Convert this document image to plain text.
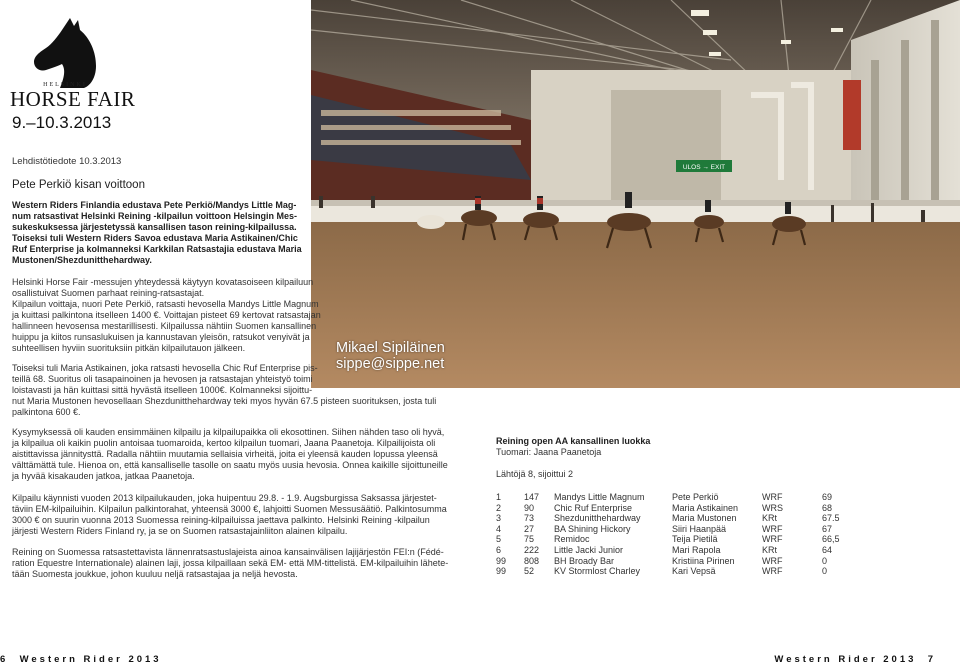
HELSINKI
HORSE FAIR
9.–10.3.2013
ULOS → EXIT
Mikael Sipiläinen
sippe@sippe.net
Lehdistötiedote 10.3.2013
Pete Perkiö kisan voittoon
Western Riders Finlandia edustava Pete Perkiö/Mandys Little Mag-
num ratsastivat Helsinki Reining -kilpailun voittoon Helsingin Mes-
sukeskuksessa järjestetyssä kansallisen tason reining-kilpailussa.
Toiseksi tuli Western Riders Savoa edustava Maria Astikainen/Chic
Ruf Enterprise ja kolmanneksi Karkkilan Ratsastajia edustava Maria
Mustonen/Shezdunitthehardway.
Helsinki Horse Fair -messujen yhteydessä käytyyn kovatasoiseen kilpailuun
osallistuivat Suomen parhaat reining-ratsastajat.
Kilpailun voittaja, nuori Pete Perkiö, ratsasti hevosella Mandys Little Magnum
ja kuittasi palkintona itselleen 1400 €. Voittajan pisteet 69 kertovat ratsastajan
hallinneen hevosensa mestarillisesti. Kilpailussa nähtiin Suomen kansallinen
huippu ja kiitos runsaslukuisen ja kannustavan yleisön, ratsukot venyivät ja
suhteellisen hyviin suorituksiin pitkän kilpailutauon jälkeen.
Toiseksi tuli Maria Astikainen, joka ratsasti hevosella Chic Ruf Enterprise pis-
teillä 68. Suoritus oli tasapainoinen ja hevosen ja ratsastajan yhteistyö toimi
loistavasti ja hän kuittasi sittä hyvästä itselleen 1000€. Kolmanneksi sijoittu-
nut Maria Mustonen hevosellaan Shezdunitthehardway teki myos hyvän 67.5 pisteen suorituksen, josta tuli
palkintona 600 €.
Kysymyksessä oli kauden ensimmäinen kilpailu ja kilpailupaikka oli ekosottinen. Siihen nähden taso oli hyvä,
ja kilpailua oli kaikin puolin antoisaa tuomaroida, kertoo kilpailun tuomari, Jaana Paanetoja. Kilpailijoista oli
aistittavissa jännitysttä. Radalla nähtiin muutamia sellaisia virheitä, joita ei yleensä kauden lopussa yleensä
välttämättä tule. Hienoa on, että kansalliselle tasolle on saatu myös uusia hevosia. Onnea kaikille sijoittuneille
ja hyvää kisakauden jatkoa, jatkaa Paanetoja.
Kilpailu käynnisti vuoden 2013 kilpailukauden, joka huipentuu 29.8. - 1.9. Augsburgissa Saksassa järjestet-
täviin EM-kilpailuihin. Kilpailun palkintorahat, yhteensä 3000 €, lahjoitti Suomen Messusäätiö. Palkintosumma
3000 € on suurin vuonna 2013 Suomessa reining-kilpailuissa jaettava palkinto. Helsinki Reining -kilpailun
järjesti Western Riders Finland ry, ja se on Suomen ratsastajainliiton alainen kilpailu.
Reining on Suomessa ratsastettavista lännenratsastuslajeista ainoa kansainvälisen lajijärjestön FEI:n (Fédé-
ration Equestre Internationale) alainen laji, jossa kilpaillaan sekä EM- että MM-tittelistä. EM-kilpailuihin lähete-
tään Suomesta joukkue, johon kuuluu neljä ratsastajaa ja neljä hevosta.
Reining open AA kansallinen luokka
Tuomari: Jaana Paanetoja
Lähtöjä 8, sijoittui 2
1	147	Mandys Little Magnum	Pete Perkiö	WRF	69
2	90	Chic Ruf Enterprise	Maria Astikainen	WRS	68
3	73	Shezdunitthehardway	Maria Mustonen	KRt	67.5
4	27	BA Shining Hickory	Siiri Haanpää	WRF	67
5	75	Remidoc	Teija Pietilä	WRF	66,5
6	222	Little Jacki Junior	Mari Rapola	KRt	64
99	808	BH Broady Bar	Kristiina Pirinen	WRF	0
99	52	KV Stormlost Charley	Kari Vepsä	WRF	0
6 Western Rider 2013	Western Rider 2013 7
